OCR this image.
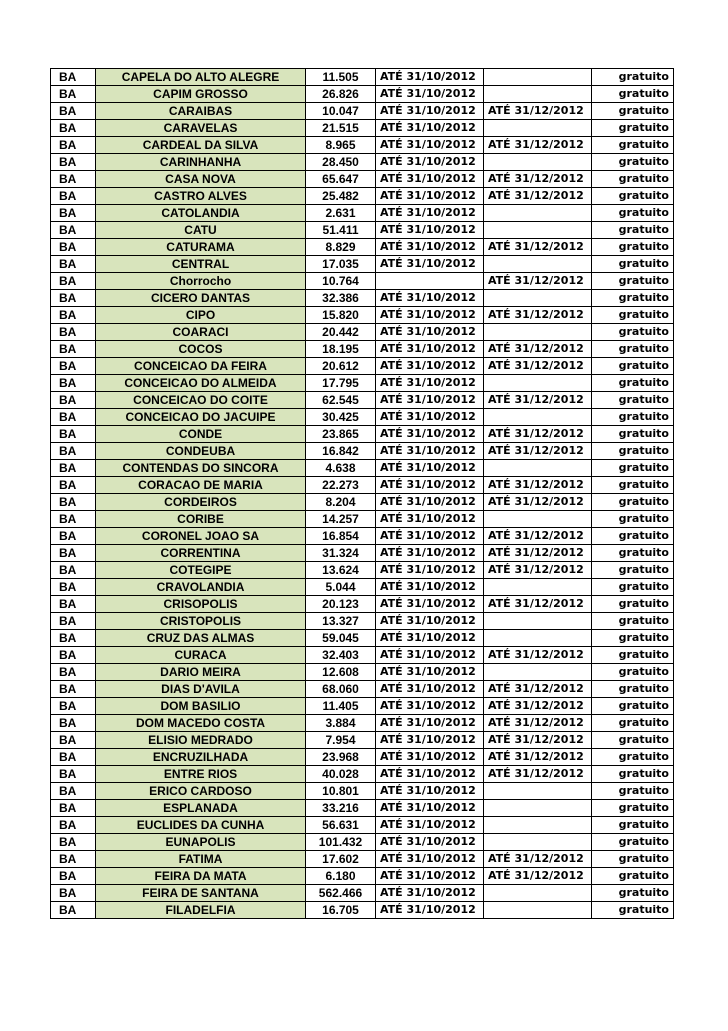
BA	CAPELA DO ALTO ALEGRE	11.505	ATÉ 31/10/2012		gratuito
BA	CAPIM GROSSO	26.826	ATÉ 31/10/2012		gratuito
BA	CARAIBAS	10.047	ATÉ 31/10/2012	ATÉ 31/12/2012	gratuito
BA	CARAVELAS	21.515	ATÉ 31/10/2012		gratuito
BA	CARDEAL DA SILVA	8.965	ATÉ 31/10/2012	ATÉ 31/12/2012	gratuito
BA	CARINHANHA	28.450	ATÉ 31/10/2012		gratuito
BA	CASA NOVA	65.647	ATÉ 31/10/2012	ATÉ 31/12/2012	gratuito
BA	CASTRO ALVES	25.482	ATÉ 31/10/2012	ATÉ 31/12/2012	gratuito
BA	CATOLANDIA	2.631	ATÉ 31/10/2012		gratuito
BA	CATU	51.411	ATÉ 31/10/2012		gratuito
BA	CATURAMA	8.829	ATÉ 31/10/2012	ATÉ 31/12/2012	gratuito
BA	CENTRAL	17.035	ATÉ 31/10/2012		gratuito
BA	Chorrocho	10.764		ATÉ 31/12/2012	gratuito
BA	CICERO DANTAS	32.386	ATÉ 31/10/2012		gratuito
BA	CIPO	15.820	ATÉ 31/10/2012	ATÉ 31/12/2012	gratuito
BA	COARACI	20.442	ATÉ 31/10/2012		gratuito
BA	COCOS	18.195	ATÉ 31/10/2012	ATÉ 31/12/2012	gratuito
BA	CONCEICAO DA FEIRA	20.612	ATÉ 31/10/2012	ATÉ 31/12/2012	gratuito
BA	CONCEICAO DO ALMEIDA	17.795	ATÉ 31/10/2012		gratuito
BA	CONCEICAO DO COITE	62.545	ATÉ 31/10/2012	ATÉ 31/12/2012	gratuito
BA	CONCEICAO DO JACUIPE	30.425	ATÉ 31/10/2012		gratuito
BA	CONDE	23.865	ATÉ 31/10/2012	ATÉ 31/12/2012	gratuito
BA	CONDEUBA	16.842	ATÉ 31/10/2012	ATÉ 31/12/2012	gratuito
BA	CONTENDAS DO SINCORA	4.638	ATÉ 31/10/2012		gratuito
BA	CORACAO DE MARIA	22.273	ATÉ 31/10/2012	ATÉ 31/12/2012	gratuito
BA	CORDEIROS	8.204	ATÉ 31/10/2012	ATÉ 31/12/2012	gratuito
BA	CORIBE	14.257	ATÉ 31/10/2012		gratuito
BA	CORONEL JOAO SA	16.854	ATÉ 31/10/2012	ATÉ 31/12/2012	gratuito
BA	CORRENTINA	31.324	ATÉ 31/10/2012	ATÉ 31/12/2012	gratuito
BA	COTEGIPE	13.624	ATÉ 31/10/2012	ATÉ 31/12/2012	gratuito
BA	CRAVOLANDIA	5.044	ATÉ 31/10/2012		gratuito
BA	CRISOPOLIS	20.123	ATÉ 31/10/2012	ATÉ 31/12/2012	gratuito
BA	CRISTOPOLIS	13.327	ATÉ 31/10/2012		gratuito
BA	CRUZ DAS ALMAS	59.045	ATÉ 31/10/2012		gratuito
BA	CURACA	32.403	ATÉ 31/10/2012	ATÉ 31/12/2012	gratuito
BA	DARIO MEIRA	12.608	ATÉ 31/10/2012		gratuito
BA	DIAS D'AVILA	68.060	ATÉ 31/10/2012	ATÉ 31/12/2012	gratuito
BA	DOM BASILIO	11.405	ATÉ 31/10/2012	ATÉ 31/12/2012	gratuito
BA	DOM MACEDO COSTA	3.884	ATÉ 31/10/2012	ATÉ 31/12/2012	gratuito
BA	ELISIO MEDRADO	7.954	ATÉ 31/10/2012	ATÉ 31/12/2012	gratuito
BA	ENCRUZILHADA	23.968	ATÉ 31/10/2012	ATÉ 31/12/2012	gratuito
BA	ENTRE RIOS	40.028	ATÉ 31/10/2012	ATÉ 31/12/2012	gratuito
BA	ERICO CARDOSO	10.801	ATÉ 31/10/2012		gratuito
BA	ESPLANADA	33.216	ATÉ 31/10/2012		gratuito
BA	EUCLIDES DA CUNHA	56.631	ATÉ 31/10/2012		gratuito
BA	EUNAPOLIS	101.432	ATÉ 31/10/2012		gratuito
BA	FATIMA	17.602	ATÉ 31/10/2012	ATÉ 31/12/2012	gratuito
BA	FEIRA DA MATA	6.180	ATÉ 31/10/2012	ATÉ 31/12/2012	gratuito
BA	FEIRA DE SANTANA	562.466	ATÉ 31/10/2012		gratuito
BA	FILADELFIA	16.705	ATÉ 31/10/2012		gratuito
